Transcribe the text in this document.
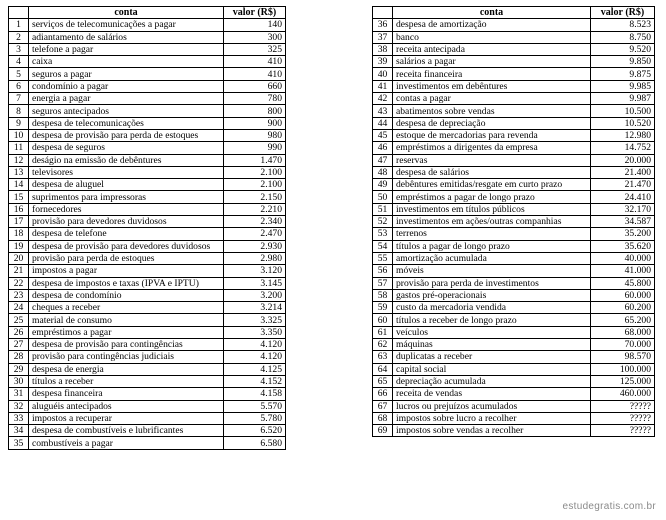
	conta	valor (R$)
1	serviços de telecomunicações a pagar	140
2	adiantamento de salários	300
3	telefone a pagar	325
4	caixa	410
5	seguros a pagar	410
6	condomínio a pagar	660
7	energia a pagar	780
8	seguros antecipados	800
9	despesa de telecomunicações	900
10	despesa de provisão para perda de estoques	980
11	despesa de seguros	990
12	deságio na emissão de debêntures	1.470
13	televisores	2.100
14	despesa de aluguel	2.100
15	suprimentos para impressoras	2.150
16	fornecedores	2.210
17	provisão para devedores duvidosos	2.340
18	despesa de telefone	2.470
19	despesa de provisão para devedores duvidosos	2.930
20	provisão para perda de estoques	2.980
21	impostos a pagar	3.120
22	despesa de impostos e taxas (IPVA e IPTU)	3.145
23	despesa de condomínio	3.200
24	cheques a receber	3.214
25	material de consumo	3.325
26	empréstimos a pagar	3.350
27	despesa de provisão para contingências	4.120
28	provisão para contingências judiciais	4.120
29	despesa de energia	4.125
30	títulos a receber	4.152
31	despesa financeira	4.158
32	aluguéis antecipados	5.570
33	impostos a recuperar	5.780
34	despesa de combustíveis e lubrificantes	6.520
35	combustíveis a pagar	6.580
	conta	valor (R$)
36	despesa de amortização	8.523
37	banco	8.750
38	receita antecipada	9.520
39	salários a pagar	9.850
40	receita financeira	9.875
41	investimentos em debêntures	9.985
42	contas a pagar	9.987
43	abatimentos sobre vendas	10.500
44	despesa de depreciação	10.520
45	estoque de mercadorias para revenda	12.980
46	empréstimos a dirigentes da empresa	14.752
47	reservas	20.000
48	despesa de salários	21.400
49	debêntures emitidas/resgate em curto prazo	21.470
50	empréstimos a pagar de longo prazo	24.410
51	investimentos em títulos públicos	32.170
52	investimentos em ações/outras companhias	34.587
53	terrenos	35.200
54	títulos a pagar de longo prazo	35.620
55	amortização acumulada	40.000
56	móveis	41.000
57	provisão para perda de investimentos	45.800
58	gastos pré-operacionais	60.000
59	custo da mercadoria vendida	60.200
60	títulos a receber de longo prazo	65.200
61	veículos	68.000
62	máquinas	70.000
63	duplicatas a receber	98.570
64	capital social	100.000
65	depreciação acumulada	125.000
66	receita de vendas	460.000
67	lucros ou prejuízos acumulados	?????
68	impostos sobre lucro a recolher	?????
69	impostos sobre vendas a recolher	?????
estudegratis.com.br
